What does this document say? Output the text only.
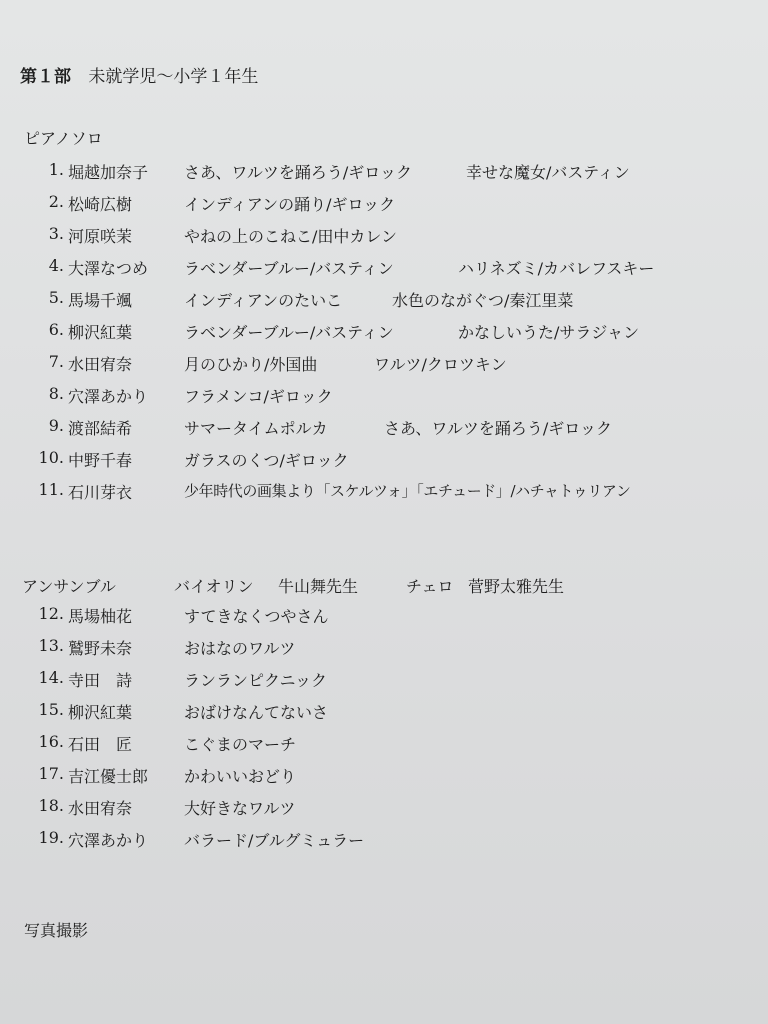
第１部 未就学児～小学１年生
ピアノソロ
1. 堀越加奈子 さあ、ワルツを踊ろう/ギロック	幸せな魔女/バスティン
2. 松崎広樹	インディアンの踊り/ギロック
3. 河原咲茉	やねの上のこねこ/田中カレン
4. 大澤なつめ ラベンダーブルー/バスティン	ハリネズミ/カバレフスキー
5. 馬場千颯	インディアンのたいこ	水色のながぐつ/秦江里菜
6. 柳沢紅葉	ラベンダーブルー/バスティン	かなしいうた/サラジャン
7. 水田宥奈	月のひかり/外国曲	ワルツ/クロツキン
8. 穴澤あかり フラメンコ/ギロック
9. 渡部結希	サマータイムポルカ	さあ、ワルツを踊ろう/ギロック
10. 中野千春	ガラスのくつ/ギロック
11. 石川芽衣	少年時代の画集より「スケルツォ」「エチュード」/ハチャトゥリアン
アンサンブル	バイオリン 牛山舞先生	チェロ 菅野太雅先生
12. 馬場柚花	すてきなくつやさん
13. 鷲野未奈	おはなのワルツ
14. 寺田　詩	ランランピクニック
15. 柳沢紅葉	おばけなんてないさ
16. 石田　匠	こぐまのマーチ
17. 吉江優士郎 かわいいおどり
18. 水田宥奈	大好きなワルツ
19. 穴澤あかり バラード/ブルグミュラー
写真撮影
